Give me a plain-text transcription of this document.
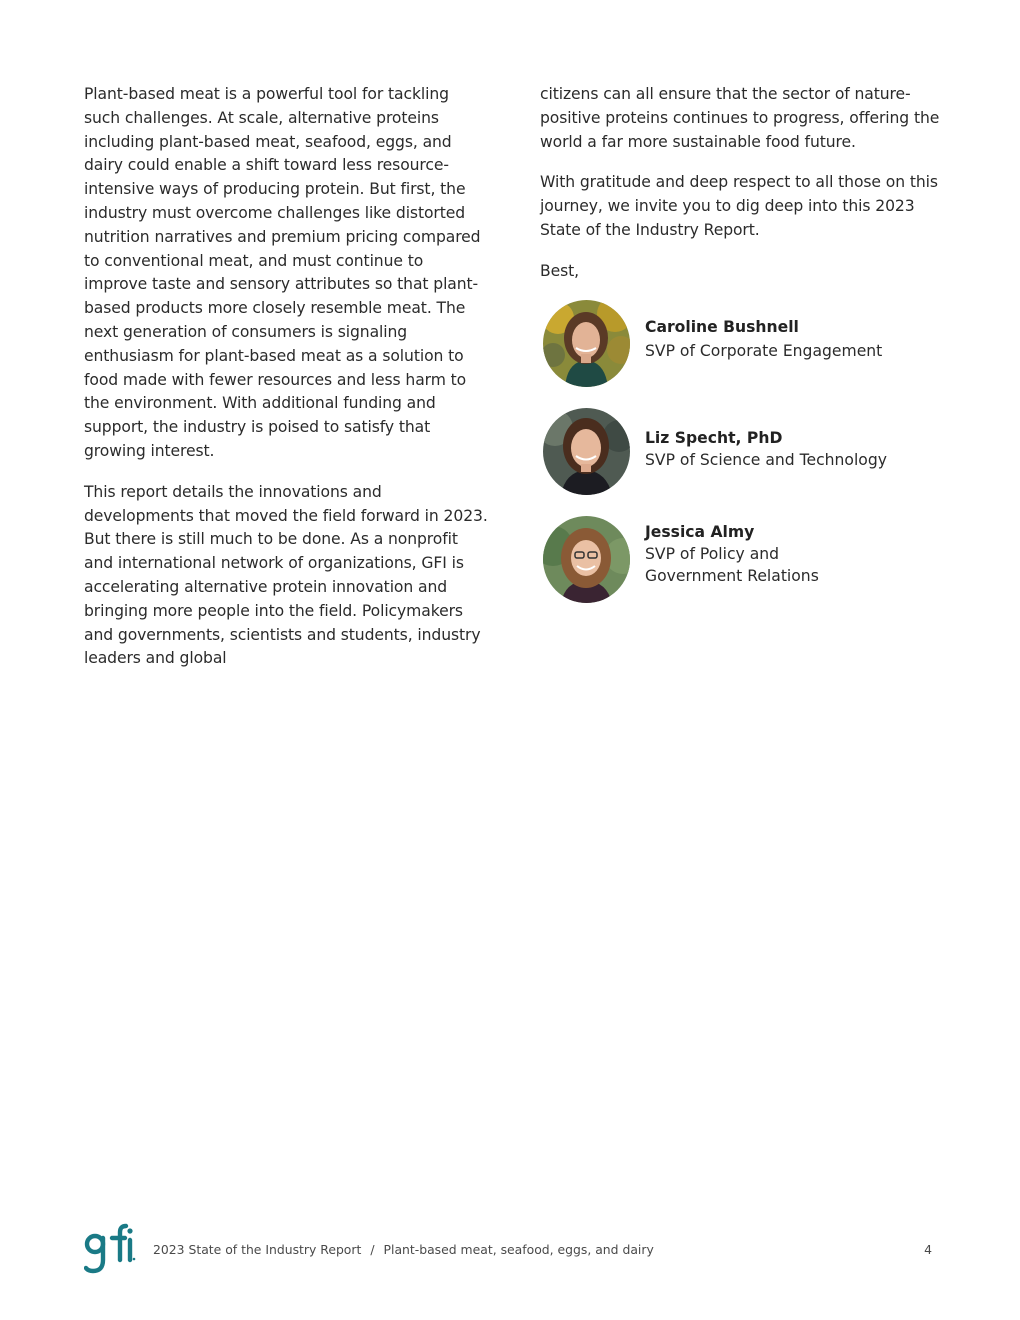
Plant-based meat is a powerful tool for tackling such challenges. At scale, alternative proteins including plant-based meat, seafood, eggs, and dairy could enable a shift toward less resource-intensive ways of producing protein. But first, the industry must overcome challenges like distorted nutrition narratives and premium pricing compared to conventional meat, and must continue to improve taste and sensory attributes so that plant-based products more closely resemble meat. The next generation of consumers is signaling enthusiasm for plant-based meat as a solution to food made with fewer resources and less harm to the environment. With additional funding and support, the industry is poised to satisfy that growing interest.

This report details the innovations and developments that moved the field forward in 2023. But there is still much to be done. As a nonprofit and international network of organizations, GFI is accelerating alternative protein innovation and bringing more people into the field. Policymakers and governments, scientists and students, industry leaders and global

citizens can all ensure that the sector of nature-positive proteins continues to progress, offering the world a far more sustainable food future.

With gratitude and deep respect to all those on this journey, we invite you to dig deep into this 2023 State of the Industry Report.

Best,

Caroline Bushnell
SVP of Corporate Engagement
Liz Specht, PhD
SVP of Science and Technology
Jessica Almy
SVP of Policy and Government Relations
2023 State of the Industry Report / Plant-based meat, seafood, eggs, and dairy	4
